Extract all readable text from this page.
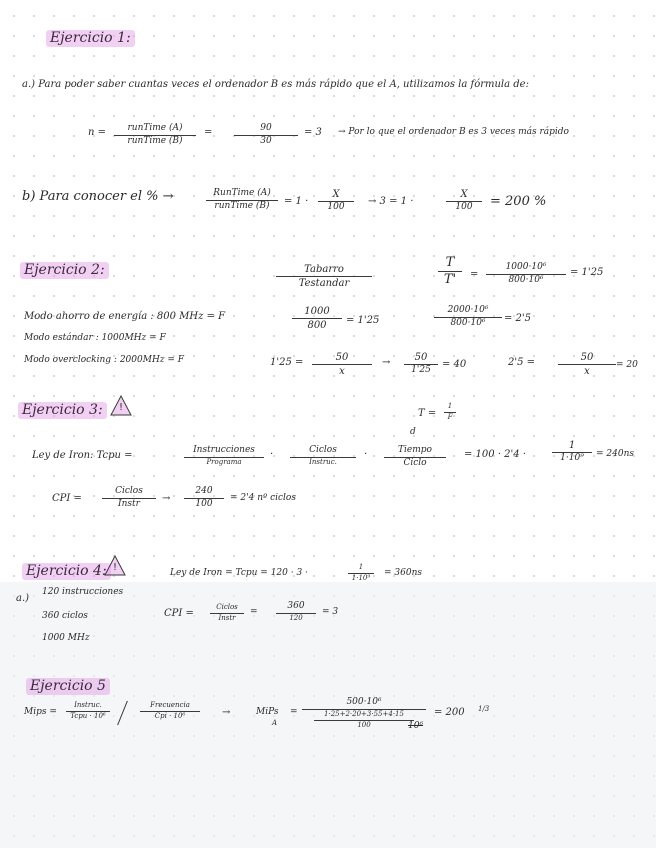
Ejercicio 1:
a.) Para poder saber cuantas veces el ordenador B es más rápido que el A, utilizamos la fórmula de:
n =	runTime (A)
runTime (B)
=	90
30
= 3 → Por lo que el ordenador B es 3 veces más rápido
b) Para conocer el % →	RunTime (A)
runTime (B)	= 1 ·
X
100	→ 3 = 1 ·
X
100	= 200 %
Ejercicio 2:	Tabarro
Testandar
T
T'	=
1000·10⁶
800·10⁶
= 1'25
Modo ahorro de energía : 800 MHz = F
Modo estándar : 1000MHz = F
Modo overclocking : 2000MHz = F
1000
800	= 1'25
2000·10⁶
800·10⁶	= 2'5
1'25 =	50
x
→	50
1'25	= 40	2'5 =	50
x
= 20
Ejercicio 3:	!
T =
1
F
d
Ley de Iron: Tcpu =	Instrucciones
Programa
·	Ciclos
Instruc.
·	Tiempo
Ciclo
= 100 · 2'4 ·
1
1·10⁹	= 240ns
CPI =
Ciclos
Instr	→
240
100
= 2'4 nº ciclos
Ejercicio 4: !	Ley de Iron = Tcpu = 120 · 3 ·
1
1·10⁹	= 360ns
a.)
120 instrucciones
360 ciclos
1000 MHz
CPI =
Ciclos
Instr
=
360
120
= 3
Ejercicio 5
Mips =
Instruc.
Tcpu · 10⁶
Frecuencia
Cpi · 10⁶	→	MiPs
A
=
500·10⁶
1·25+2·20+3·55+4·15
100	10⁶
= 200 1/3
